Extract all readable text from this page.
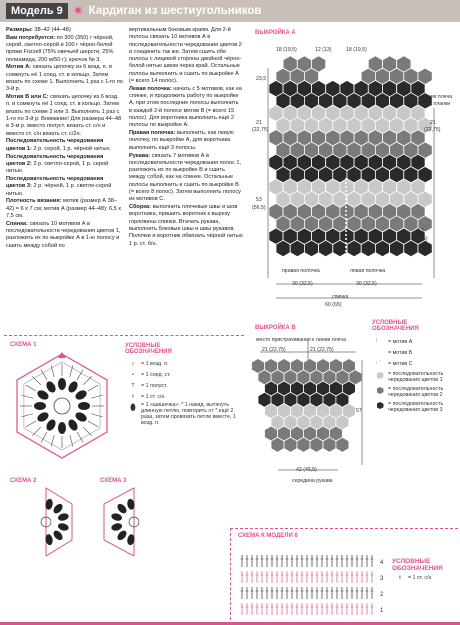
Модель 9 ✷ Кардиган из шестиугольников

Размеры: 38–42 (44–48)

Вам потребуется: по 300 (350) г чёрной, серой, светло-серой и 100 г чёрно-белой пряжи Frizzell (75% овечьей шерсти, 25% полиамида, 200 м/50 г); крючок № 3.

Мотив А: связать цепочку из 6 возд. п. и сомкнуть её 1 соед. ст. в кольцо. Затем вязать по схеме 1. Выполнить 1 раз с 1-го по 3-й р.

Мотив В или С: связать цепочку из 6 возд. п. и сомкнуть её 1 соед. ст. в кольцо. Затем вязать по схеме 2 или 3. Выполнить 1 раз с 1-го по 3-й р. Внимание! Для размера 44–48 в 3-м р. вместо полуст. вязать ст. с/н и вместо ст. с/н вязать ст. с/2н.

Последовательность чередования цветов 1: 2 р. серой, 1 р. чёрной нитью.

Последовательность чередования цветов 2: 2 р. светло-серой, 1 р. серой нитью.

Последовательность чередования цветов 3: 2 р. чёрной, 1 р. светло-серой нитью.

Плотность вязания: мотив (размер А 38–42) = 6 х 7 см; мотив А (размер 44–48): 6,5 х 7,5 см.

Спинка: связать 10 мотивов А в последовательности чередования цветов 1, разложить их по выкройке А в 1-ю полосу и сшить между собой по

вертикальным боковым краям. Для 2-й полосы связать 10 мотивов А в последовательности чередования цветов 2 и соединить так же. Затем сшить обе полосы с лицевой стороны двойной чёрно-белой нитью швом через край. Остальные полосы выполнить и сшить по выкройке А (= всего 14 полос).

Левая полочка: начать с 5 мотивов, как на спинке, и продолжить работу по выкройке А, при этом последние полосы выполнить в каждой 2-й полосе мотив В (= всего 15 полос). Для воротника выполнить ещё 2 полосы по выкройке А.

Правая полочка: выполнить, как левую полочку, по выкройке А, для воротника выполнить ещё 3 полосы.

Рукава: связать 7 мотивов А в последовательности чередования полос 1, разложить их по выкройке В и сшить между собой, как на спинке. Остальные полосы выполнить и сшить по выкройке В (= всего 8 полос). Затем выполнить полосу из мотивов С.

Сборка: выполнить плечевые швы и шов воротника, пришить воротник к вырезу горловины спинки. Втачать рукава, выполнить боковые швы и швы рукавов. Полочки и воротник обвязать чёрной нитью 1 р. ст. б/н.

ВЫКРОЙКА А
ВЫКРОЙКА В
УСЛОВНЫЕ
ОБОЗНАЧЕНИЯ
= мотив А
= мотив В
= мотив С
= последовательность чередования цветов 1
= последовательность чередования цветов 2
= последовательность чередования цветов 3
СХЕМА 1	УСЛОВНЫЕ
ОБОЗНАЧЕНИЯ
○	= 1 возд. п.
•	= 1 соед. ст.
T	= 1 полуст.
ŧ	= 1 ст. с/н
⬮ = 1 «шишечка»: * 1 накид, вытянуть длинную петлю, повторить от * ещё 2 раза, затем провязать петли вместе, 1 возд. п.
СХЕМА 2	СХЕМА 3
СХЕМА К МОДЕЛИ 6
4
3
2
1
УСЛОВНЫЕ
ОБОЗНАЧЕНИЯ
ŧ	= 1 ст. с/н
18 (19,5)	12 (13)	18 (19,5)
23,5
21
(22,75)
21
(22,75)
53
(56,5)
53
(56,5)
линия плеча
конец планки
правая полочка	левая полочка
30 (32,5)	30 (32,5)
спинка
60 (65)
место пристрачивания к линии плеча
21 (22,75)	21 (22,75)
57
42 (45,5)
середина рукава
